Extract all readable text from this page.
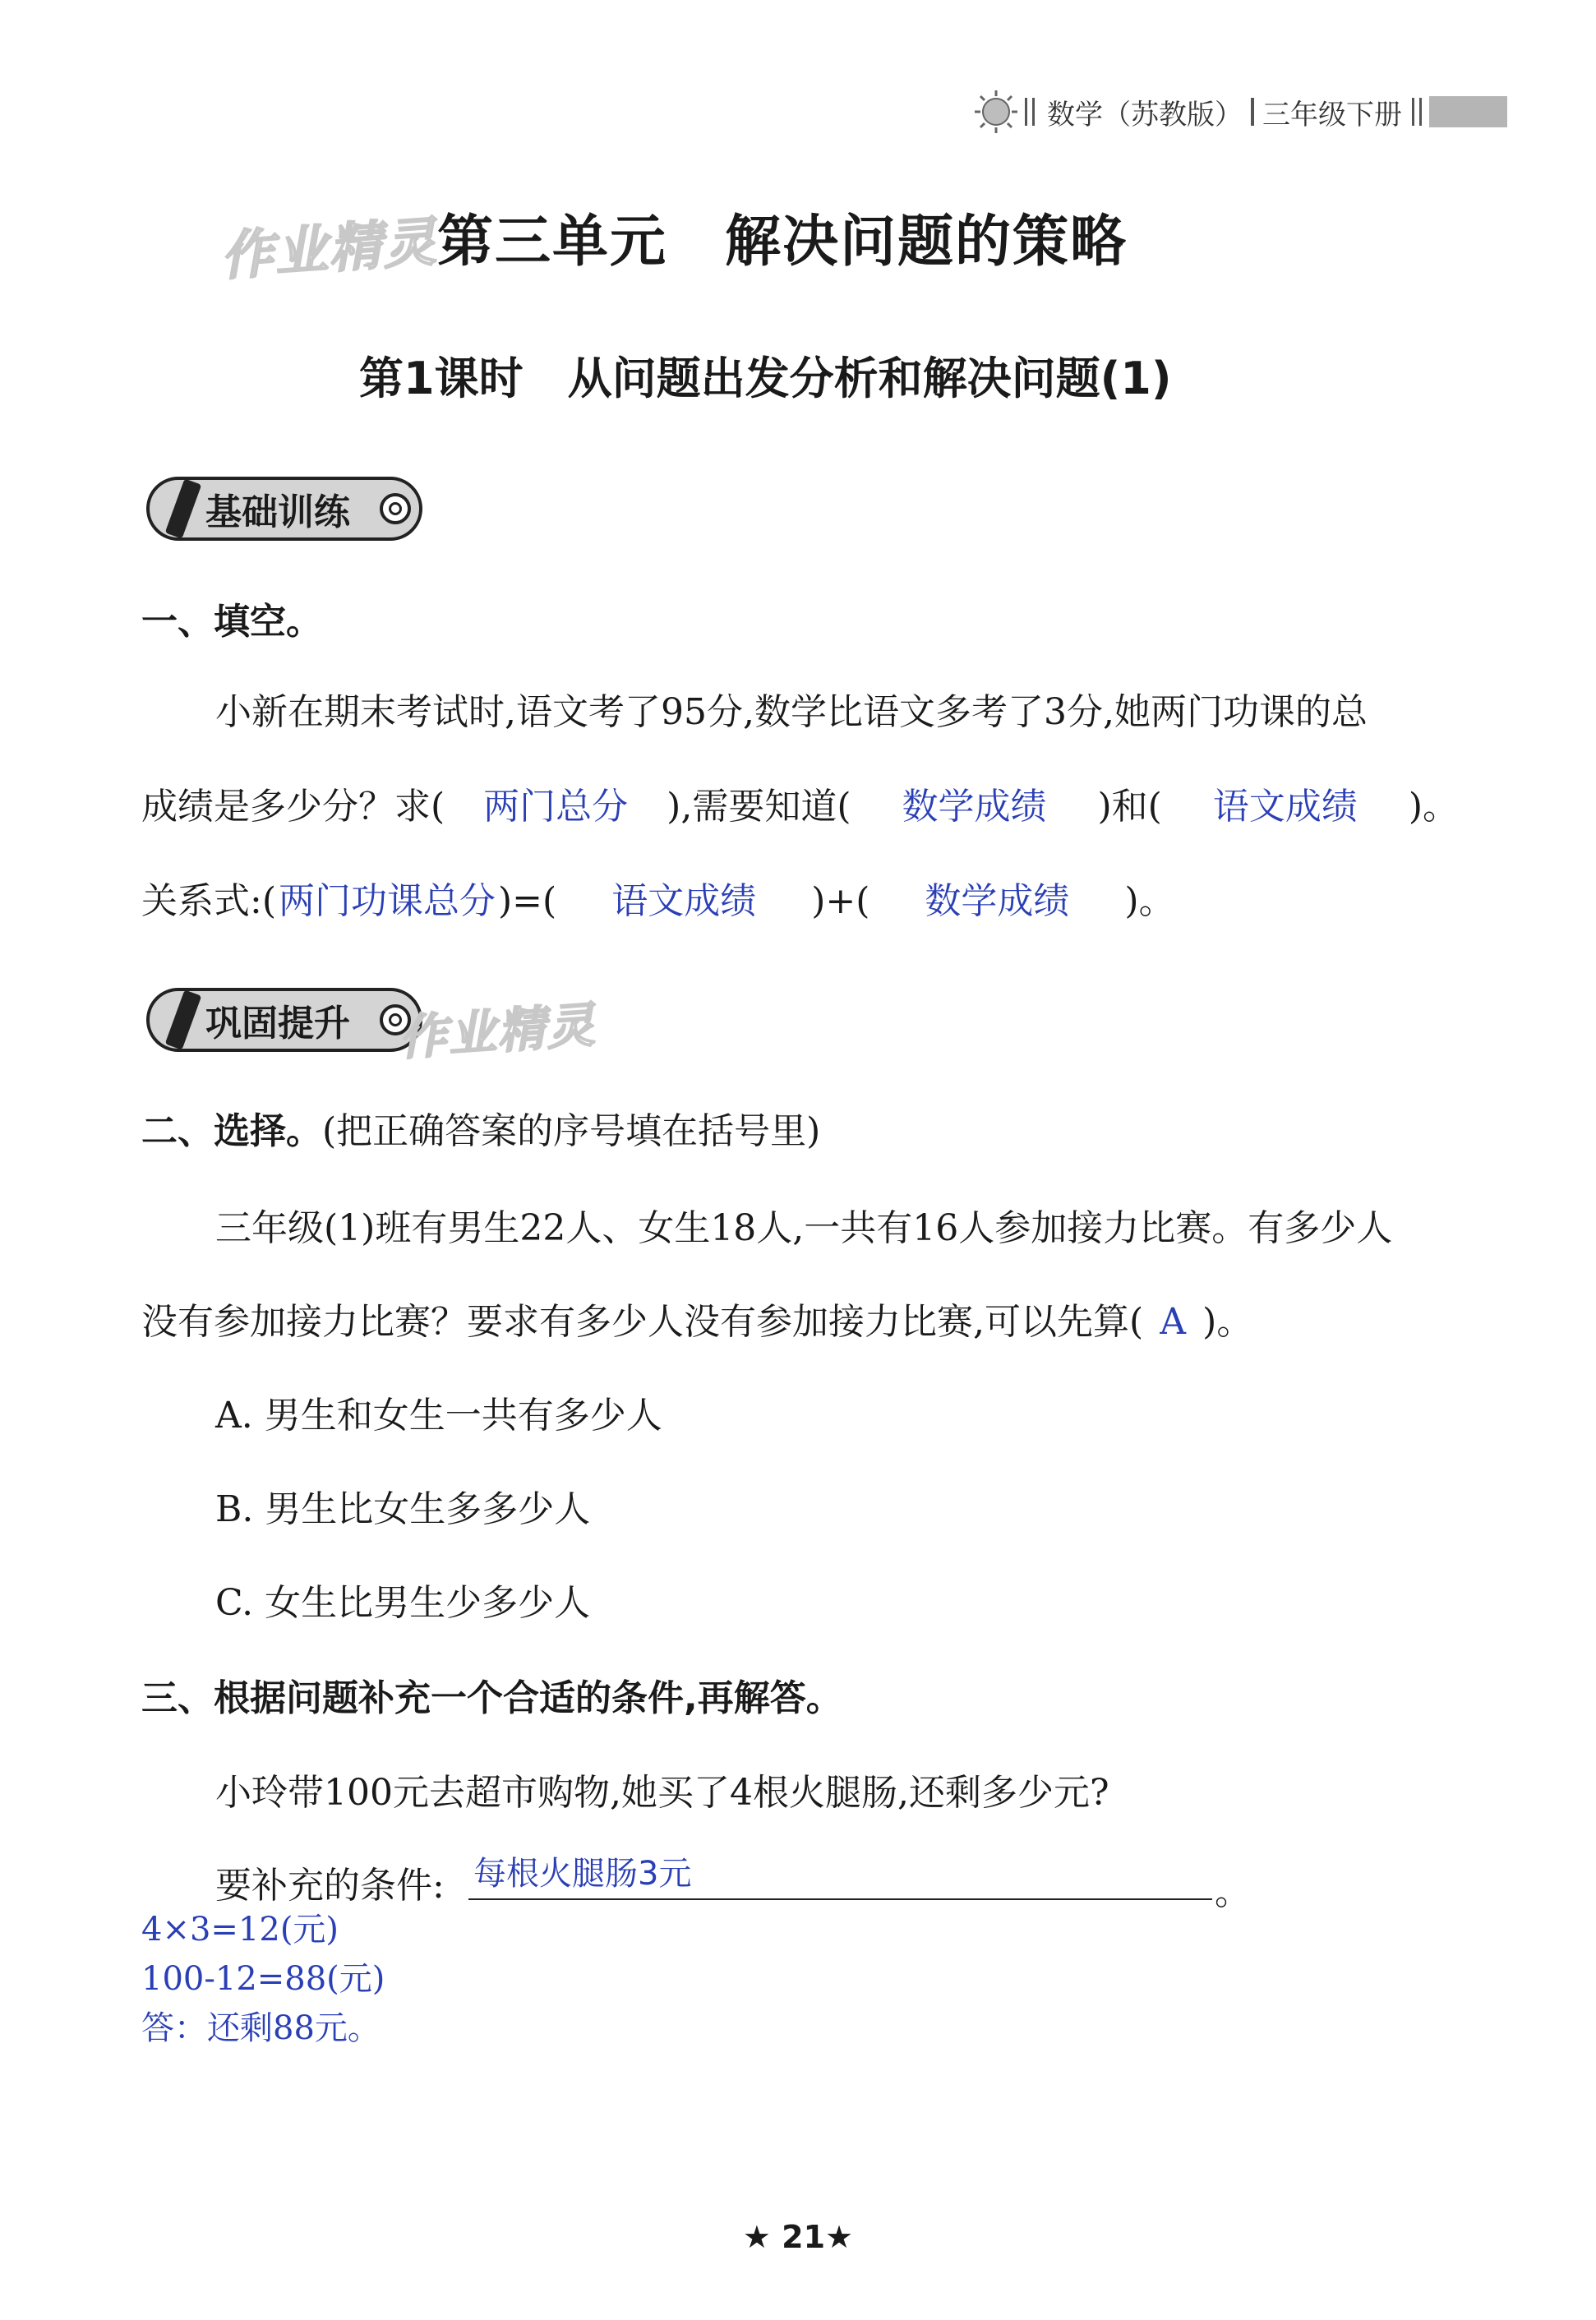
数学（苏教版） 三年级下册
作业精灵
第三单元　解决问题的策略
第1课时　从问题出发分析和解决问题(1)
基础训练
一、填空。
小新在期末考试时,语文考了95分,数学比语文多考了3分,她两门功课的总
成绩是多少分？求( 两门总分 ),需要知道( 数学成绩 )和( 语文成绩 )。
关系式:(两门功课总分)=( 语文成绩 )+( 数学成绩 )。
巩固提升 作业精灵
二、选择。(把正确答案的序号填在括号里)
三年级(1)班有男生22人、女生18人,一共有16人参加接力比赛。有多少人
没有参加接力比赛？要求有多少人没有参加接力比赛,可以先算( A )。
A. 男生和女生一共有多少人
B. 男生比女生多多少人
C. 女生比男生少多少人
三、根据问题补充一个合适的条件,再解答。
小玲带100元去超市购物,她买了4根火腿肠,还剩多少元?
要补充的条件: 每根火腿肠3元	。
4×3=12(元)
100-12=88(元)
答：还剩88元。
★ 21★
